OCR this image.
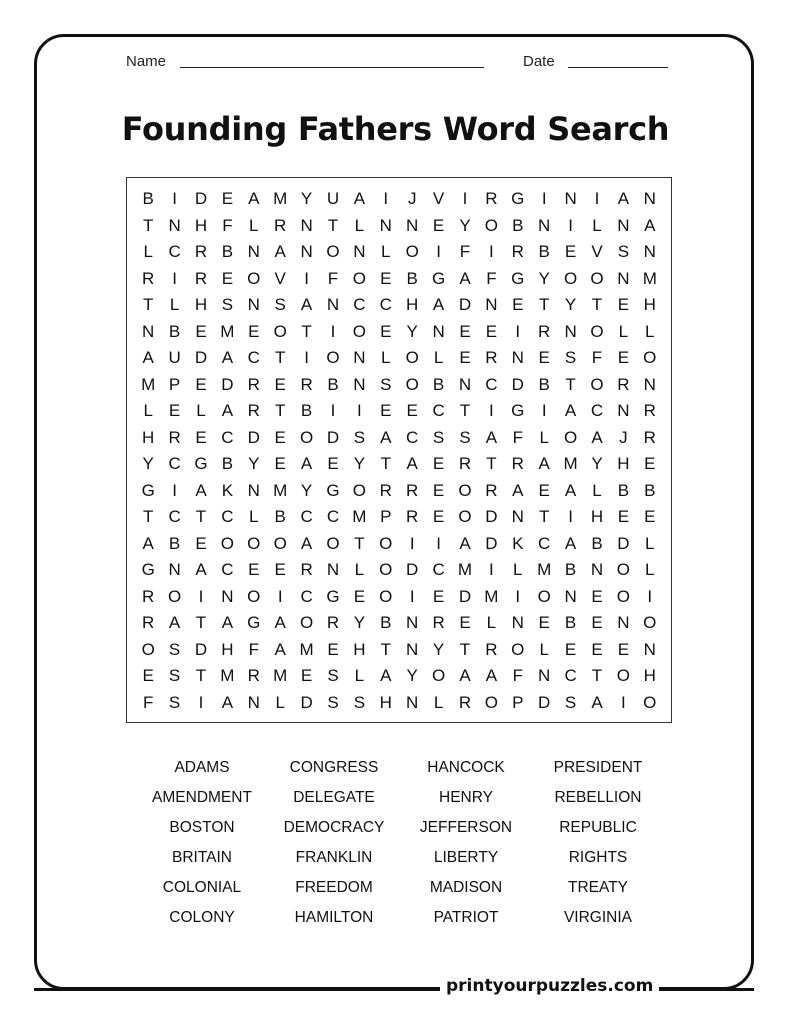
Name	Date
Founding Fathers Word Search
B	I	D E A M Y U A	I	J V	I	R G	I	N	I	A N
T N H F L R N T L N N E Y O B N	I	L N A
L C R B N A N O N L O	I	F	I	R B E V S N
R	I	R E O V	I	F O E B G A F G Y O O N M
T L H S N S A N C C H A D N E T Y T E H
N B E M E O T	I	O E Y N E E	I	R N O L L
A U D A C T	I	O N L O L E R N E S F E O
M P E D R E R B N S O B N C D B T O R N
L E L A R T B	I	I	E E C T	I	G	I	A C N R
H R E C D E O D S A C S S A F L O A J R
Y C G B Y E A E Y T A E R T R A M Y H E
G	I	A K N M Y G O R R E O R A E A L B B
T C T C L B C C M P R E O D N T	I	H E E
A B E O O O A O T O	I	I	A D K C A B D L
G N A C E E R N L O D C M I	L M B N O L
R O	I	N O	I	C G E O	I	E D M I	O N E O	I
R A T A G A O R Y B N R E L N E B E N O
O S D H F A M E H T N Y T R O L E E E N
E S T M R M E S L A Y O A A F N C T O H
F S	I	A N L D S S H N L R O P D S A	I	O
ADAMS	CONGRESS	HANCOCK	PRESIDENT
AMENDMENT	DELEGATE	HENRY	REBELLION
BOSTON	DEMOCRACY	JEFFERSON	REPUBLIC
BRITAIN	FRANKLIN	LIBERTY	RIGHTS
COLONIAL	FREEDOM	MADISON	TREATY
COLONY	HAMILTON	PATRIOT	VIRGINIA
printyourpuzzles.com
